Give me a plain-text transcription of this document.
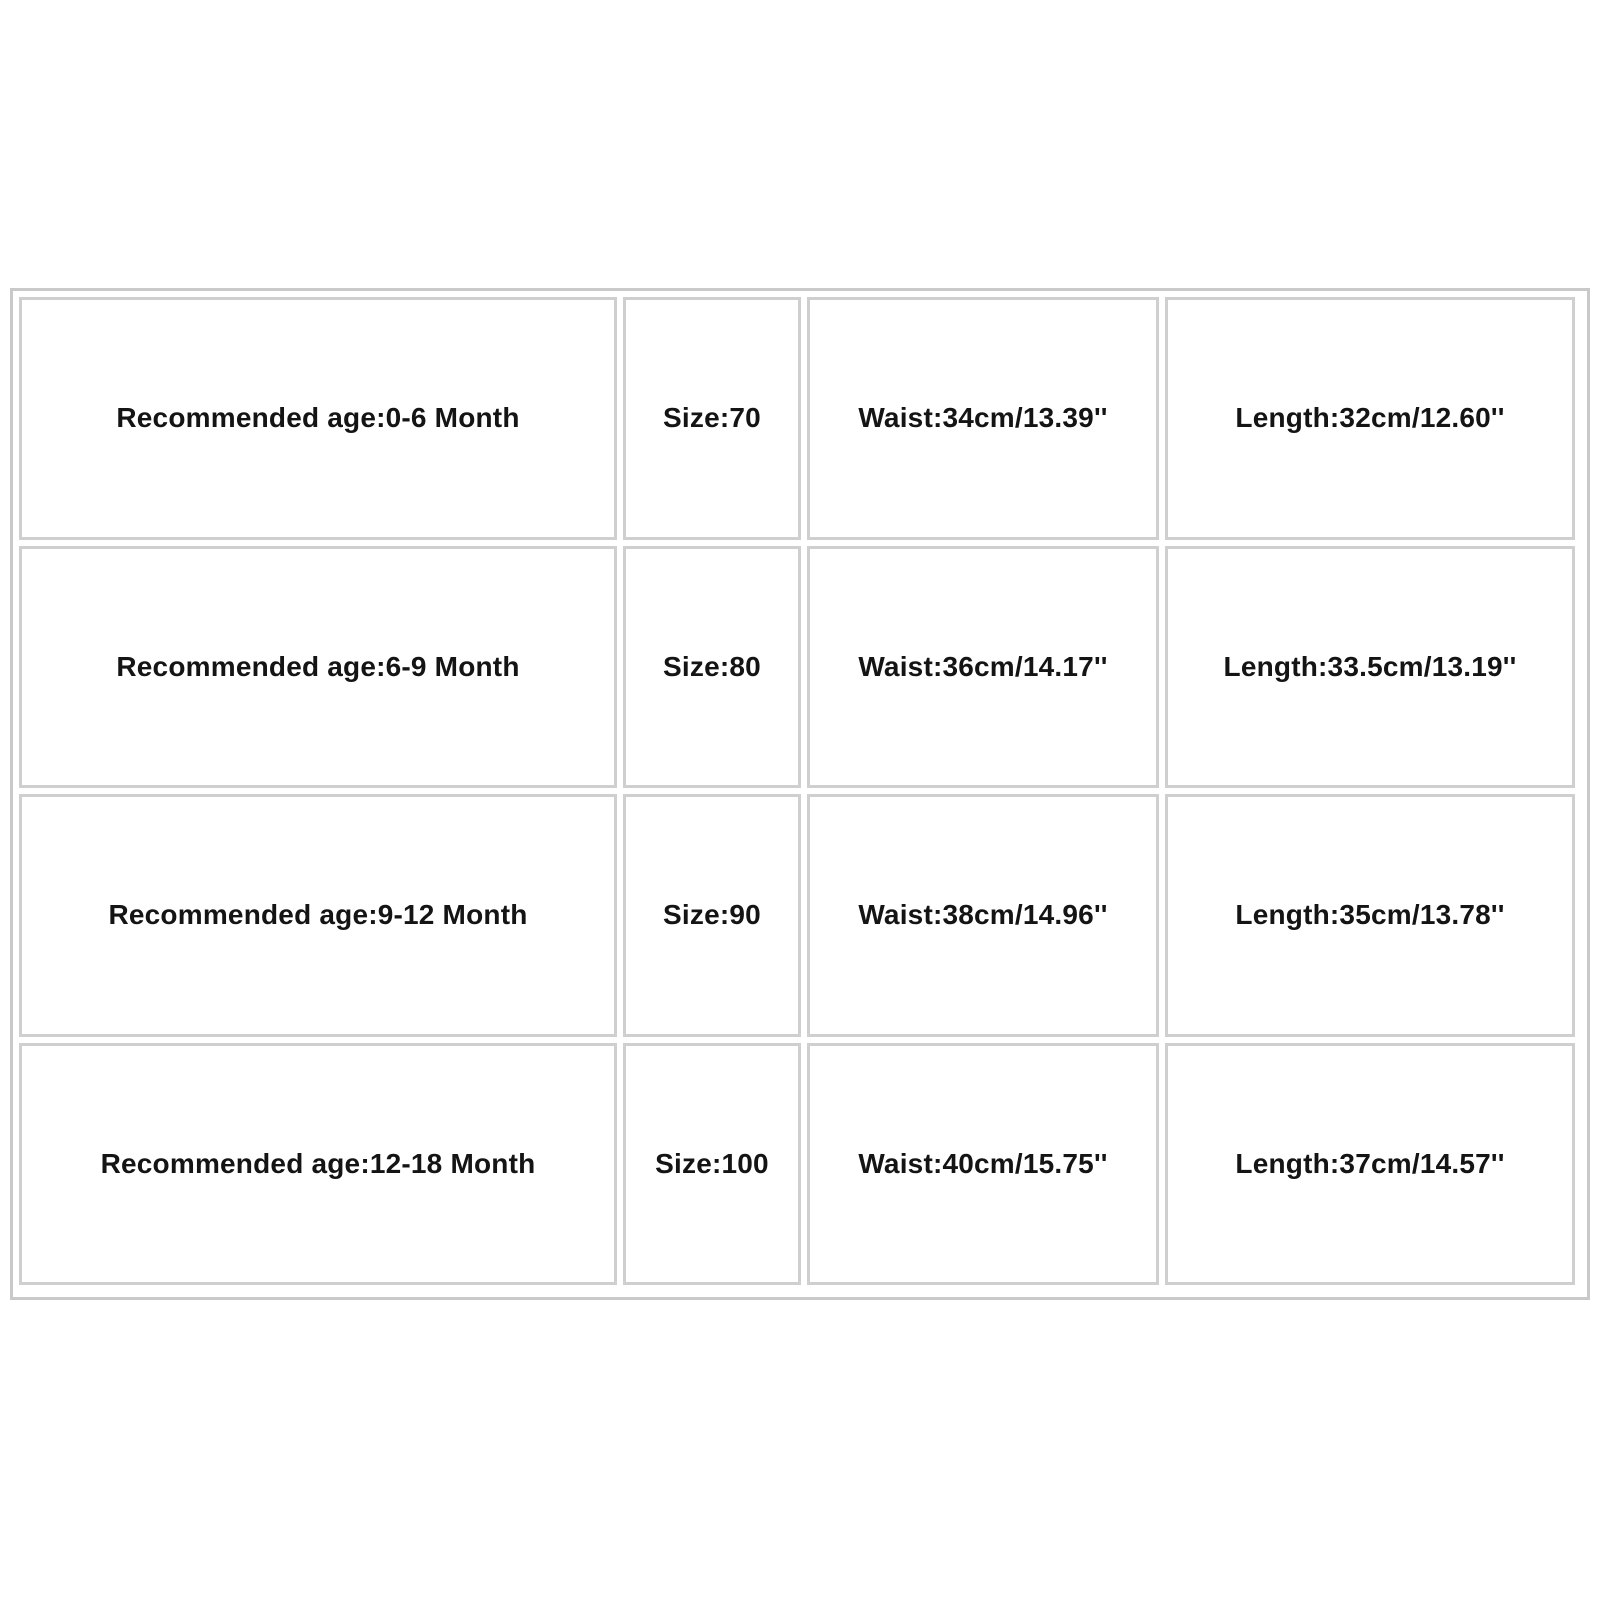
Recommended age:0-6 Month	Size:70	Waist:34cm/13.39''	Length:32cm/12.60''
Recommended age:6-9 Month	Size:80	Waist:36cm/14.17''	Length:33.5cm/13.19''
Recommended age:9-12 Month	Size:90	Waist:38cm/14.96''	Length:35cm/13.78''
Recommended age:12-18 Month	Size:100	Waist:40cm/15.75''	Length:37cm/14.57''
